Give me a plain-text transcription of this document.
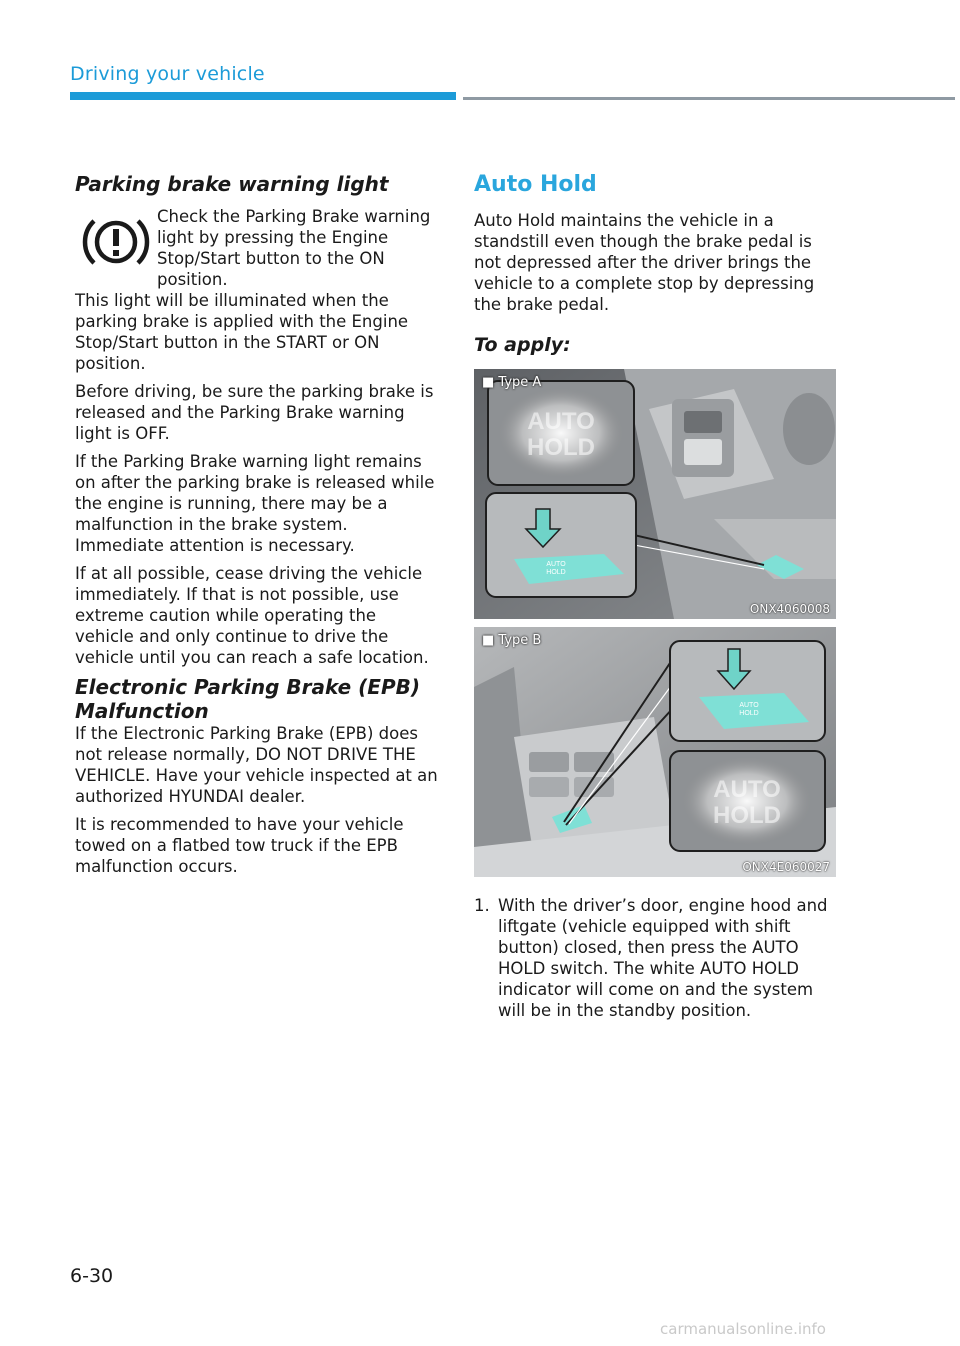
Driving your vehicle
Parking brake warning light
Check the Parking Brake warning light by pressing the Engine Stop/Start button to the ON position.

This light will be illuminated when the parking brake is applied with the Engine Stop/Start button in the START or ON position.

Before driving, be sure the parking brake is released and the Parking Brake warning light is OFF.

If the Parking Brake warning light remains on after the parking brake is released while the engine is running, there may be a malfunction in the brake system. Immediate attention is necessary.

If at all possible, cease driving the vehicle immediately. If that is not possible, use extreme caution while operating the vehicle and only continue to drive the vehicle until you can reach a safe location.

Electronic Parking Brake (EPB) Malfunction

If the Electronic Parking Brake (EPB) does not release normally, DO NOT DRIVE THE VEHICLE. Have your vehicle inspected at an authorized HYUNDAI dealer.

It is recommended to have your vehicle towed on a flatbed tow truck if the EPB malfunction occurs.

Auto Hold

Auto Hold maintains the vehicle in a standstill even though the brake pedal is not depressed after the driver brings the vehicle to a complete stop by depressing the brake pedal.

To apply:
AUTO
HOLD
AUTO
HOLD
■ Type A
ONX4060008
AUTO
HOLD
AUTO
HOLD
■ Type B
ONX4E060027
1. With the driver’s door, engine hood and liftgate (vehicle equipped with shift button) closed, then press the AUTO HOLD switch. The white AUTO HOLD indicator will come on and the system will be in the standby position.
6-30
carmanualsonline.info
